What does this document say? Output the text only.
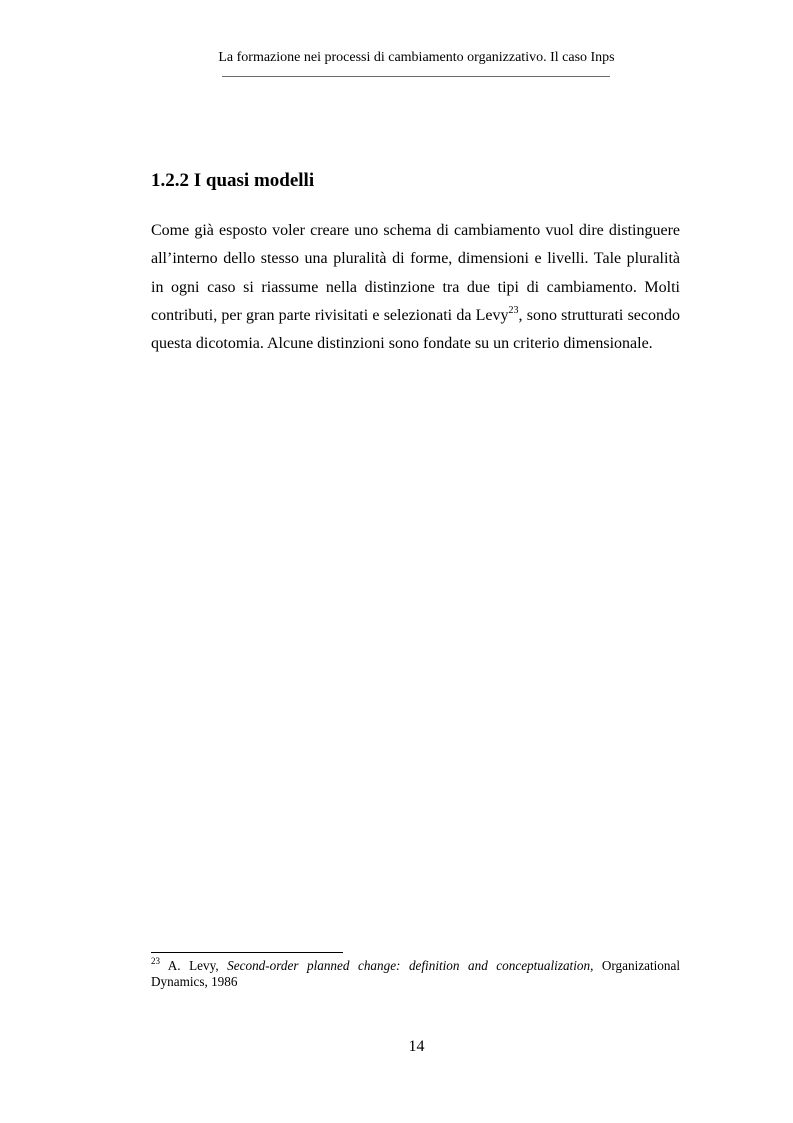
La formazione nei processi di cambiamento organizzativo. Il caso Inps
1.2.2 I quasi modelli
Come già esposto voler creare uno schema di cambiamento vuol dire distinguere
all’interno dello stesso una pluralità di forme, dimensioni e livelli. Tale pluralità
in ogni caso si riassume nella distinzione tra due tipi di cambiamento. Molti
contributi, per gran parte rivisitati e selezionati da Levy$^{23}$, sono strutturati secondo
questa dicotomia. Alcune distinzioni sono fondate su un criterio dimensionale.
$^{23}$ A. Levy, Second-order planned change: definition and conceptualization, Organizational
Dynamics, 1986
14
